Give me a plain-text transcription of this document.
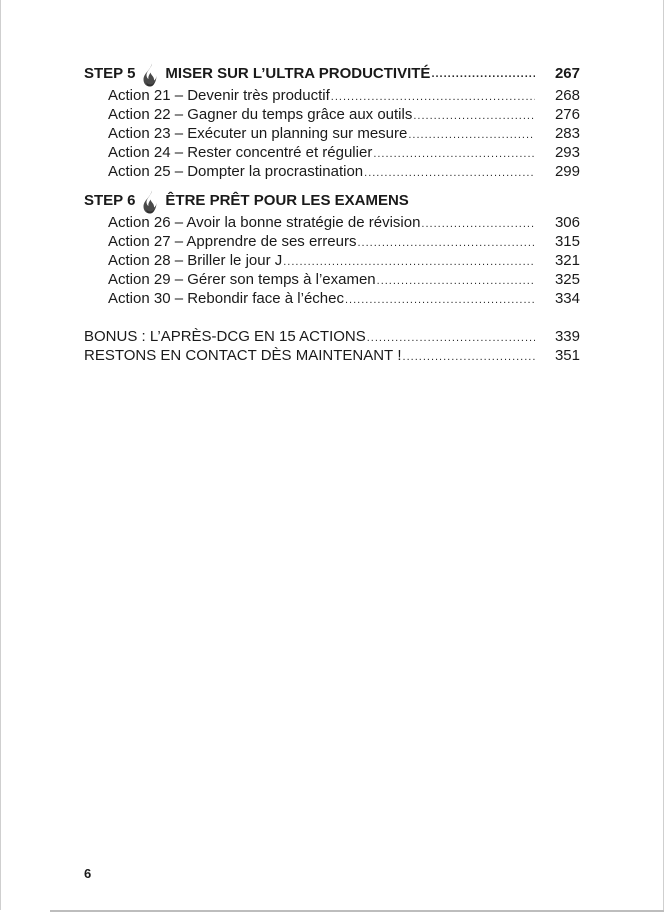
STEP 5 MISER SUR L’ULTRA PRODUCTIVITÉ .....	267
Action 21 – Devenir très productif .....	268
Action 22 – Gagner du temps grâce aux outils .....	276
Action 23 – Exécuter un planning sur mesure .....	283
Action 24 – Rester concentré et régulier .....	293
Action 25 – Dompter la procrastination .....	299
STEP 6 ÊTRE PRÊT POUR LES EXAMENS
Action 26 – Avoir la bonne stratégie de révision .....	306
Action 27 – Apprendre de ses erreurs .....	315
Action 28 – Briller le jour J .....	321
Action 29 – Gérer son temps à l’examen .....	325
Action 30 – Rebondir face à l’échec .....	334
BONUS : L’APRÈS-DCG EN 15 ACTIONS .....	339
RESTONS EN CONTACT DÈS MAINTENANT ! .....	351
6
